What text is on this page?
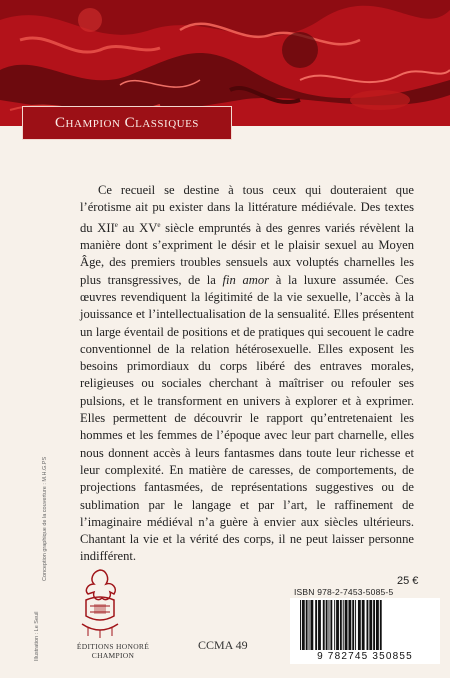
Champion Classiques

Ce recueil se destine à tous ceux qui douteraient que l’érotisme ait pu exister dans la littérature médiévale. Des textes du XIIe au XVe siècle empruntés à des genres variés révèlent la manière dont s’expriment le désir et le plaisir sexuel au Moyen Âge, des premiers troubles sensuels aux voluptés charnelles les plus transgressives, de la fin amor à la luxure assumée. Ces œuvres revendiquent la légitimité de la vie sexuelle, l’accès à la jouissance et l’intellectualisation de la sensualité. Elles présentent un large éventail de positions et de pratiques qui secouent le cadre conventionnel de la relation hétérosexuelle. Elles exposent les besoins primordiaux du corps libéré des entraves morales, religieuses ou sociales cherchant à maîtriser ou refouler ses pulsions, et le transforment en univers à explorer et à exprimer. Elles permettent de découvrir le rapport qu’entretenaient les hommes et les femmes de l’époque avec leur part charnelle, elles nous donnent accès à leurs fantasmes dans toute leur richesse et leur complexité. En matière de caresses, de comportements, de projections fantasmées, de représentations suggestives ou de sublimation par le langage et par l’art, le raffinement de l’imaginaire médiéval n’a guère à envier aux siècles ultérieurs. Chantant la vie et la vérité des corps, il ne peut laisser personne indifférent.

Illustration : Le Seuil
Conception graphique de la couverture : M.H.G.PS
ÉDITIONS HONORÉ CHAMPION
CCMA 49
25 €
ISBN 978-2-7453-5085-5
9 782745 350855
